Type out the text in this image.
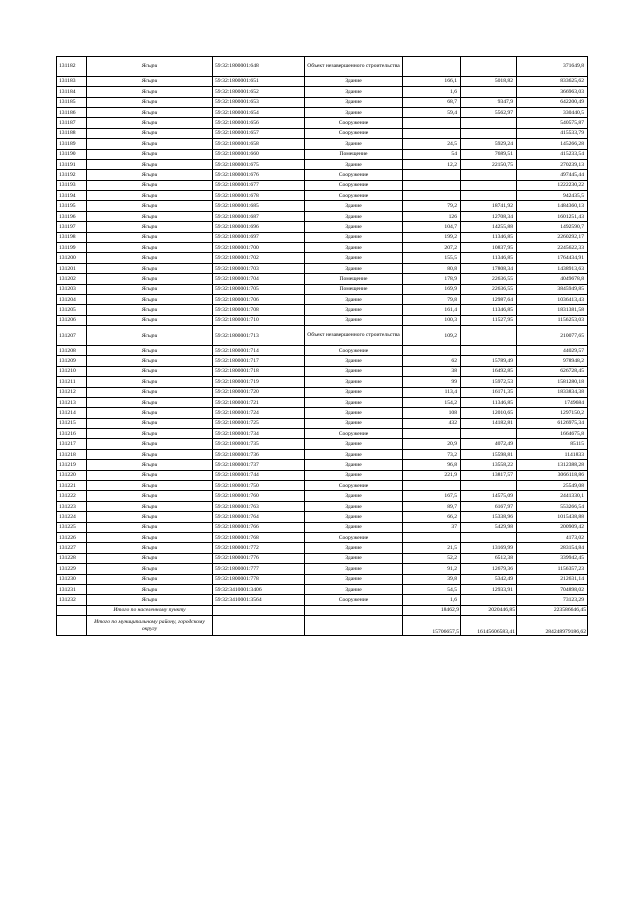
131182	Ясыри	59:32:1800001:648	Объект незавершенного строительства			371649,8
131183	Ясыри	59:32:1800001:651	Здание	166,1	5018,82	833625,62
131184	Ясыри	59:32:1800001:652	Здание	1,6		366963,03
131185	Ясыри	59:32:1800001:653	Здание	68,7	9347,9	642200,49
131186	Ясыри	59:32:1800001:654	Здание	59,4	5562,97	330440,5
131187	Ясыри	59:32:1800001:656	Сооружение			540575,87
131188	Ясыри	59:32:1800001:657	Сооружение			415533,79
131189	Ясыри	59:32:1800001:658	Здание	24,5	5929,24	145266,28
131190	Ясыри	59:32:1800001:660	Помещение	54	7689,51	415233,54
131191	Ясыри	59:32:1800001:675	Здание	12,2	22150,75	270239,13
131192	Ясыри	59:32:1800001:676	Сооружение			497445,44
131193	Ясыри	59:32:1800001:677	Сооружение			1222230,22
131194	Ясыри	59:32:1800001:678	Сооружение			942435,5
131195	Ясыри	59:32:1800001:685	Здание	79,2	18741,92	1484360,13
131196	Ясыри	59:32:1800001:687	Здание	126	12708,34	1601251,43
131197	Ясыри	59:32:1800001:696	Здание	104,7	14255,88	1492590,7
131198	Ясыри	59:32:1800001:697	Здание	199,2	11346,85	2260292,17
131199	Ясыри	59:32:1800001:700	Здание	207,2	10837,95	2245622,33
131200	Ясыри	59:32:1800001:702	Здание	155,5	11346,85	1764434,91
131201	Ясыри	59:32:1800001:703	Здание	80,8	17808,34	1438913,63
131202	Ясыри	59:32:1800001:704	Помещение	178,9	22636,55	4049678,8
131203	Ясыри	59:32:1800001:705	Помещение	169,9	22636,55	3845949,85
131204	Ясыри	59:32:1800001:706	Здание	79,8	12987,64	1036413,43
131205	Ясыри	59:32:1800001:708	Здание	161,4	11346,85	1831381,58
131206	Ясыри	59:32:1800001:710	Здание	100,3	11527,95	1156253,03
131207	Ясыри	59:32:1800001:713	Объект незавершенного строительства	109,2		210077,65
131208	Ясыри	59:32:1800001:714	Сооружение			44029,57
131209	Ясыри	59:32:1800001:717	Здание	62	15789,49	978948,2
131210	Ясыри	59:32:1800001:718	Здание	38	16492,85	626728,45
131211	Ясыри	59:32:1800001:719	Здание	99	15972,53	1581280,18
131212	Ясыри	59:32:1800001:720	Здание	113,4	16171,35	1833834,38
131213	Ясыри	59:32:1800001:721	Здание	154,2	11346,85	1749684
131214	Ясыри	59:32:1800001:724	Здание	108	12010,65	1297150,2
131215	Ясыри	59:32:1800001:725	Здание	432	14182,81	6126975,34
131216	Ясыри	59:32:1800001:734	Сооружение			1664675,8
131217	Ясыри	59:32:1800001:735	Здание	20,9	4072,49	85115
131218	Ясыри	59:32:1800001:736	Здание	73,2	15598,81	1141833
131219	Ясыри	59:32:1800001:737	Здание	96,8	13558,22	1312388,28
131220	Ясыри	59:32:1800001:744	Здание	221,9	13817,57	3066118,86
131221	Ясыри	59:32:1800001:750	Сооружение			25549,08
131222	Ясыри	59:32:1800001:760	Здание	167,5	14575,09	2441330,1
131223	Ясыри	59:32:1800001:763	Здание	89,7	6167,97	553266,54
131224	Ясыри	59:32:1800001:764	Здание	66,2	15338,96	1015438,88
131225	Ясыри	59:32:1800001:766	Здание	37	5429,98	200909,42
131226	Ясыри	59:32:1800001:768	Сооружение			4173,02
131227	Ясыри	59:32:1800001:772	Здание	21,5	13169,99	283154,84
131228	Ясыри	59:32:1800001:776	Здание	52,2	6512,38	339942,45
131229	Ясыри	59:32:1800001:777	Здание	91,2	12679,36	1156357,23
131230	Ясыри	59:32:1800001:778	Здание	39,8	5342,49	212631,14
131231	Ясыри	59:32:3410001:3406	Здание	54,5	12933,91	704898,02
131232	Ясыри	59:32:3410001:3564	Сооружение	1,6		73123,29
	Итого по населенному пункту			18462,9	2020446,85	223586646,45
	Итого по муниципальному району, городскому округу			15706657,5	16145606583,41	284248979186,62
